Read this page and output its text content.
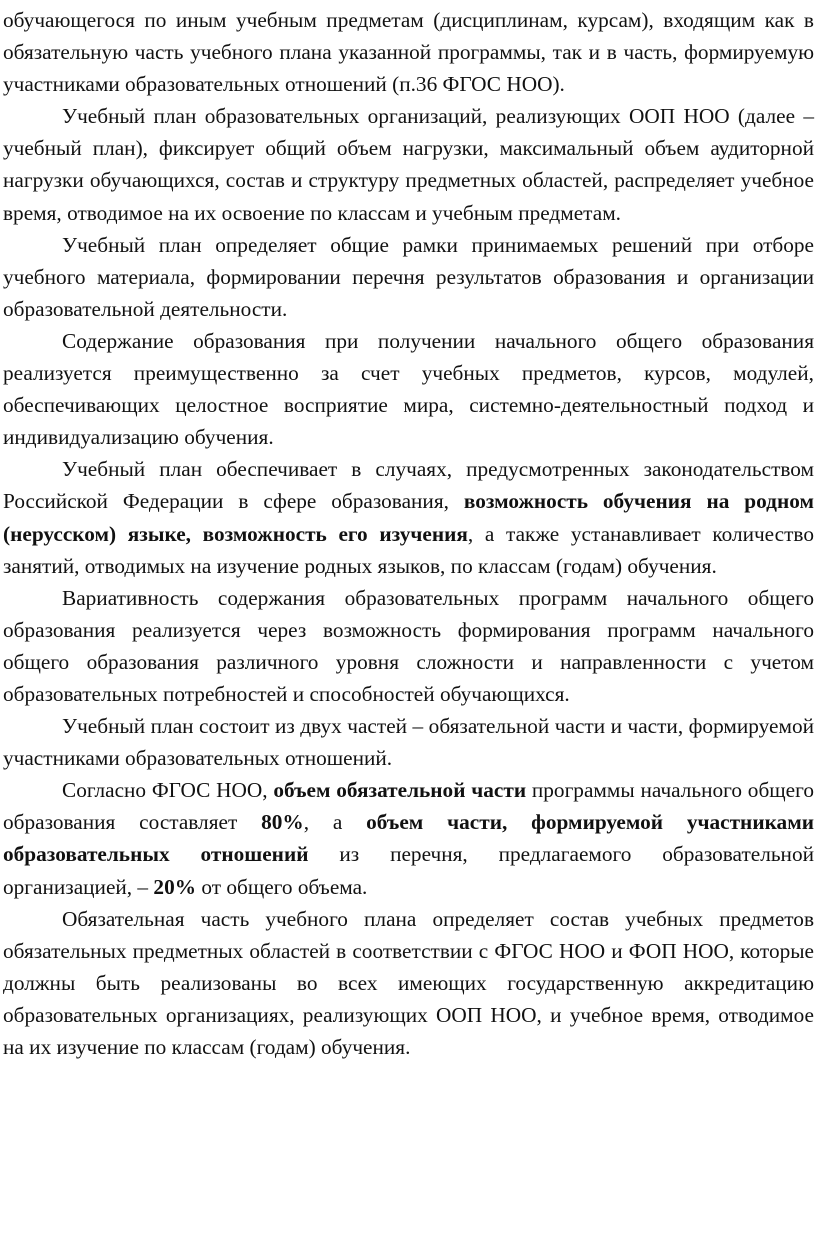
обучающегося по иным учебным предметам (дисциплинам, курсам), входящим как в обязательную часть учебного плана указанной программы, так и в часть, формируемую участниками образовательных отношений (п.36 ФГОС НОО).

Учебный план образовательных организаций, реализующих ООП НОО (далее – учебный план), фиксирует общий объем нагрузки, максимальный объем аудиторной нагрузки обучающихся, состав и структуру предметных областей, распределяет учебное время, отводимое на их освоение по классам и учебным предметам.

Учебный план определяет общие рамки принимаемых решений при отборе учебного материала, формировании перечня результатов образования и организации образовательной деятельности.

Содержание образования при получении начального общего образования реализуется преимущественно за счет учебных предметов, курсов, модулей, обеспечивающих целостное восприятие мира, системно-деятельностный подход и индивидуализацию обучения.

Учебный план обеспечивает в случаях, предусмотренных законодательством Российской Федерации в сфере образования, возможность обучения на родном (нерусском) языке, возможность его изучения, а также устанавливает количество занятий, отводимых на изучение родных языков, по классам (годам) обучения.

Вариативность содержания образовательных программ начального общего образования реализуется через возможность формирования программ начального общего образования различного уровня сложности и направленности с учетом образовательных потребностей и способностей обучающихся.

Учебный план состоит из двух частей – обязательной части и части, формируемой участниками образовательных отношений.

Согласно ФГОС НОО, объем обязательной части программы начального общего образования составляет 80%, а объем части, формируемой участниками образовательных отношений из перечня, предлагаемого образовательной организацией, – 20% от общего объема.

Обязательная часть учебного плана определяет состав учебных предметов обязательных предметных областей в соответствии с ФГОС НОО и ФОП НОО, которые должны быть реализованы во всех имеющих государственную аккредитацию образовательных организациях, реализующих ООП НОО, и учебное время, отводимое на их изучение по классам (годам) обучения.
